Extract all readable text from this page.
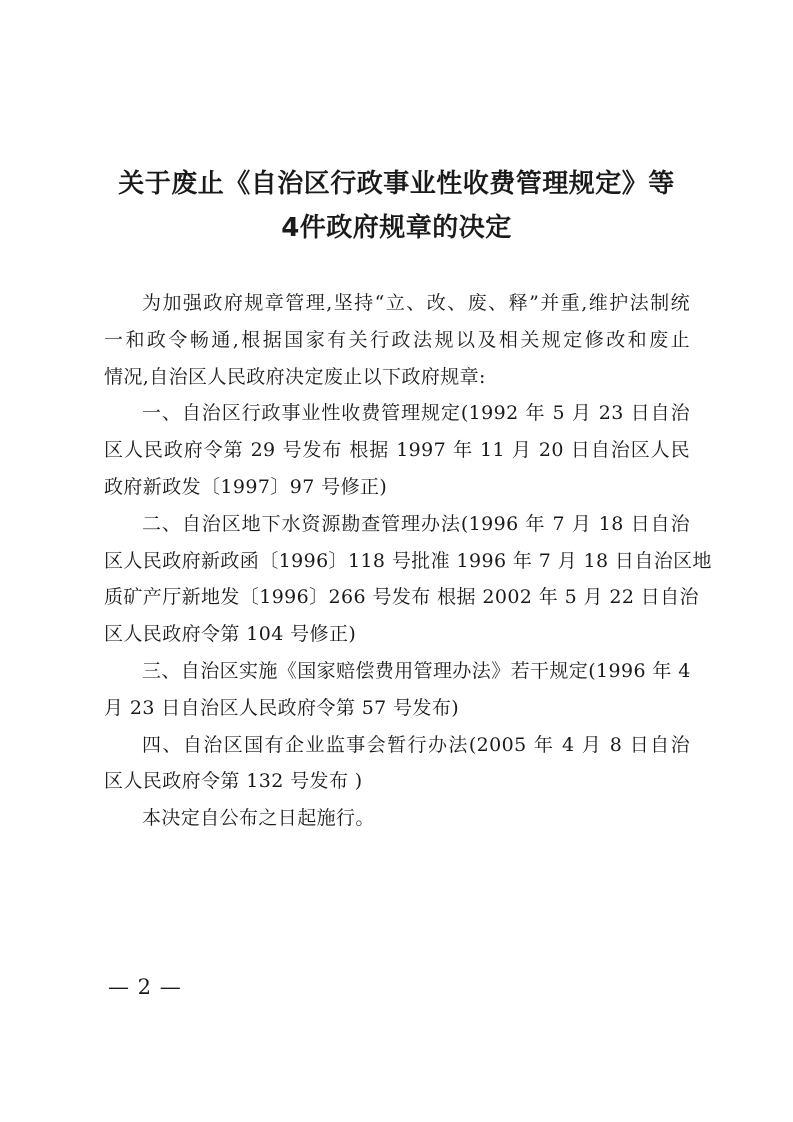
关于废止《自治区行政事业性收费管理规定》等
4件政府规章的决定
为加强政府规章管理,坚持“立、改、废、释”并重,维护法制统
一和政令畅通,根据国家有关行政法规以及相关规定修改和废止
情况,自治区人民政府决定废止以下政府规章:
一、自治区行政事业性收费管理规定(1992 年 5 月 23 日自治
区人民政府令第 29 号发布 根据 1997 年 11 月 20 日自治区人民
政府新政发〔1997〕97 号修正)
二、自治区地下水资源勘查管理办法(1996 年 7 月 18 日自治
区人民政府新政函〔1996〕118 号批准 1996 年 7 月 18 日自治区地
质矿产厅新地发〔1996〕266 号发布 根据 2002 年 5 月 22 日自治
区人民政府令第 104 号修正)
三、自治区实施《国家赔偿费用管理办法》若干规定(1996 年 4
月 23 日自治区人民政府令第 57 号发布)
四、自治区国有企业监事会暂行办法(2005 年 4 月 8 日自治
区人民政府令第 132 号发布 )
本决定自公布之日起施行。
— 2 —
